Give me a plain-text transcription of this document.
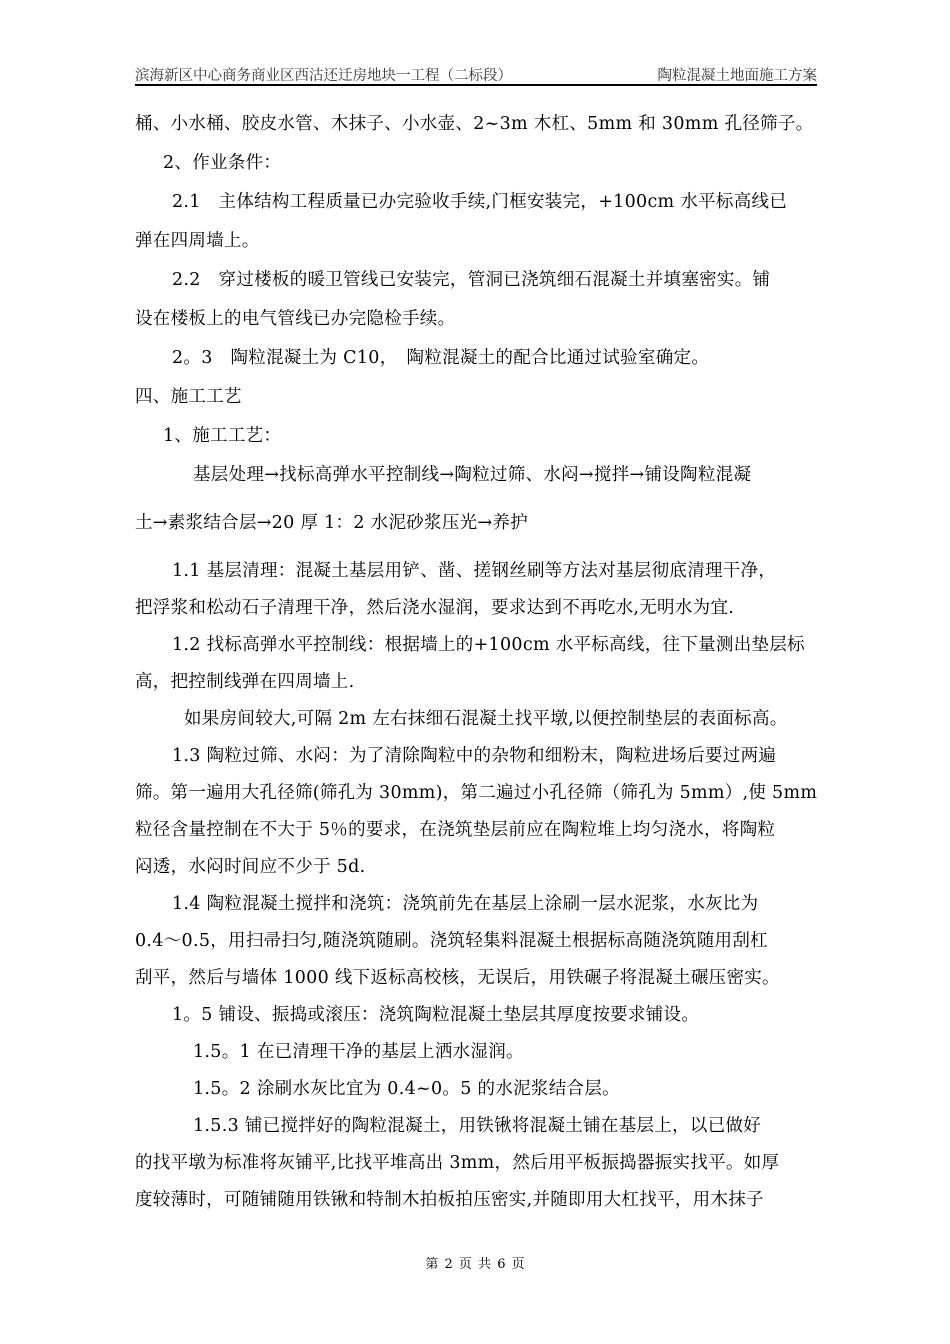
滨海新区中心商务商业区西沽还迁房地块一工程（二标段）	陶粒混凝土地面施工方案
桶、小水桶、胶皮水管、木抹子、小水壶、2~3m 木杠、5mm 和 30mm 孔径筛子。
2、作业条件：
2.1　主体结构工程质量已办完验收手续,门框安装完，+100cm 水平标高线已
弹在四周墙上。
2.2　穿过楼板的暖卫管线已安装完，管洞已浇筑细石混凝土并填塞密实。铺
设在楼板上的电气管线已办完隐检手续。
2。3　陶粒混凝土为 C10，　陶粒混凝土的配合比通过试验室确定。
四、施工工艺
1、施工工艺：
基层处理→找标高弹水平控制线→陶粒过筛、水闷→搅拌→铺设陶粒混凝
土→素浆结合层→20 厚 1：2 水泥砂浆压光→养护
1.1 基层清理：混凝土基层用铲、凿、搓钢丝刷等方法对基层彻底清理干净，
把浮浆和松动石子清理干净，然后浇水湿润，要求达到不再吃水,无明水为宜.
1.2 找标高弹水平控制线：根据墙上的+100cm 水平标高线，往下量测出垫层标
高，把控制线弹在四周墙上.
如果房间较大,可隔 2m 左右抹细石混凝土找平墩,以便控制垫层的表面标高。
1.3 陶粒过筛、水闷：为了清除陶粒中的杂物和细粉末，陶粒进场后要过两遍
筛。第一遍用大孔径筛(筛孔为 30mm)，第二遍过小孔径筛（筛孔为 5mm）,使 5mm
粒径含量控制在不大于 5％的要求，在浇筑垫层前应在陶粒堆上均匀浇水，将陶粒
闷透，水闷时间应不少于 5d.
1.4 陶粒混凝土搅拌和浇筑：浇筑前先在基层上涂刷一层水泥浆，水灰比为
0.4～0.5，用扫帚扫匀,随浇筑随刷。浇筑轻集料混凝土根据标高随浇筑随用刮杠
刮平，然后与墙体 1000 线下返标高校核，无误后，用铁碾子将混凝土碾压密实。
1。5 铺设、振捣或滚压：浇筑陶粒混凝土垫层其厚度按要求铺设。
1.5。1 在已清理干净的基层上洒水湿润。
1.5。2 涂刷水灰比宜为 0.4~0。5 的水泥浆结合层。
1.5.3 铺已搅拌好的陶粒混凝土，用铁锹将混凝土铺在基层上，以已做好
的找平墩为标准将灰铺平,比找平堆高出 3mm，然后用平板振捣器振实找平。如厚
度较薄时，可随铺随用铁锹和特制木拍板拍压密实,并随即用大杠找平，用木抹子
第 2 页 共 6 页
